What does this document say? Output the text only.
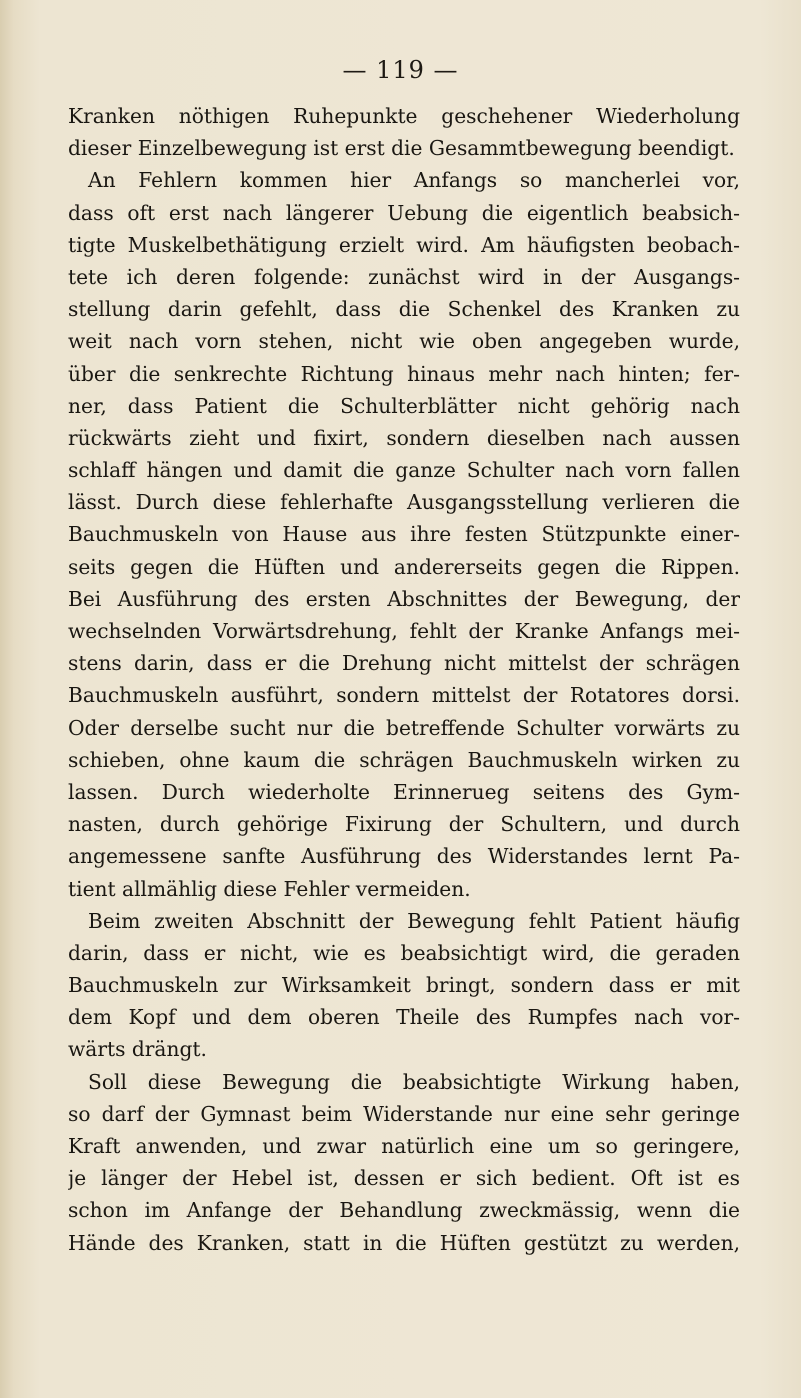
— 119 —
Kranken nöthigen Ruhepunkte geschehener Wiederholung
dieser Einzelbewegung ist erst die Gesammtbewegung beendigt.
An Fehlern kommen hier Anfangs so mancherlei vor,
dass oft erst nach längerer Uebung die eigentlich beabsich-
tigte Muskelbethätigung erzielt wird. Am häufigsten beobach-
tete ich deren folgende: zunächst wird in der Ausgangs-
stellung darin gefehlt, dass die Schenkel des Kranken zu
weit nach vorn stehen, nicht wie oben angegeben wurde,
über die senkrechte Richtung hinaus mehr nach hinten; fer-
ner, dass Patient die Schulterblätter nicht gehörig nach
rückwärts zieht und fixirt, sondern dieselben nach aussen
schlaff hängen und damit die ganze Schulter nach vorn fallen
lässt. Durch diese fehlerhafte Ausgangsstellung verlieren die
Bauchmuskeln von Hause aus ihre festen Stützpunkte einer-
seits gegen die Hüften und andererseits gegen die Rippen.
Bei Ausführung des ersten Abschnittes der Bewegung, der
wechselnden Vorwärtsdrehung, fehlt der Kranke Anfangs mei-
stens darin, dass er die Drehung nicht mittelst der schrägen
Bauchmuskeln ausführt, sondern mittelst der Rotatores dorsi.
Oder derselbe sucht nur die betreffende Schulter vorwärts zu
schieben, ohne kaum die schrägen Bauchmuskeln wirken zu
lassen. Durch wiederholte Erinnerueg seitens des Gym-
nasten, durch gehörige Fixirung der Schultern, und durch
angemessene sanfte Ausführung des Widerstandes lernt Pa-
tient allmählig diese Fehler vermeiden.
Beim zweiten Abschnitt der Bewegung fehlt Patient häufig
darin, dass er nicht, wie es beabsichtigt wird, die geraden
Bauchmuskeln zur Wirksamkeit bringt, sondern dass er mit
dem Kopf und dem oberen Theile des Rumpfes nach vor-
wärts drängt.
Soll diese Bewegung die beabsichtigte Wirkung haben,
so darf der Gymnast beim Widerstande nur eine sehr geringe
Kraft anwenden, und zwar natürlich eine um so geringere,
je länger der Hebel ist, dessen er sich bedient. Oft ist es
schon im Anfange der Behandlung zweckmässig, wenn die
Hände des Kranken, statt in die Hüften gestützt zu werden,
